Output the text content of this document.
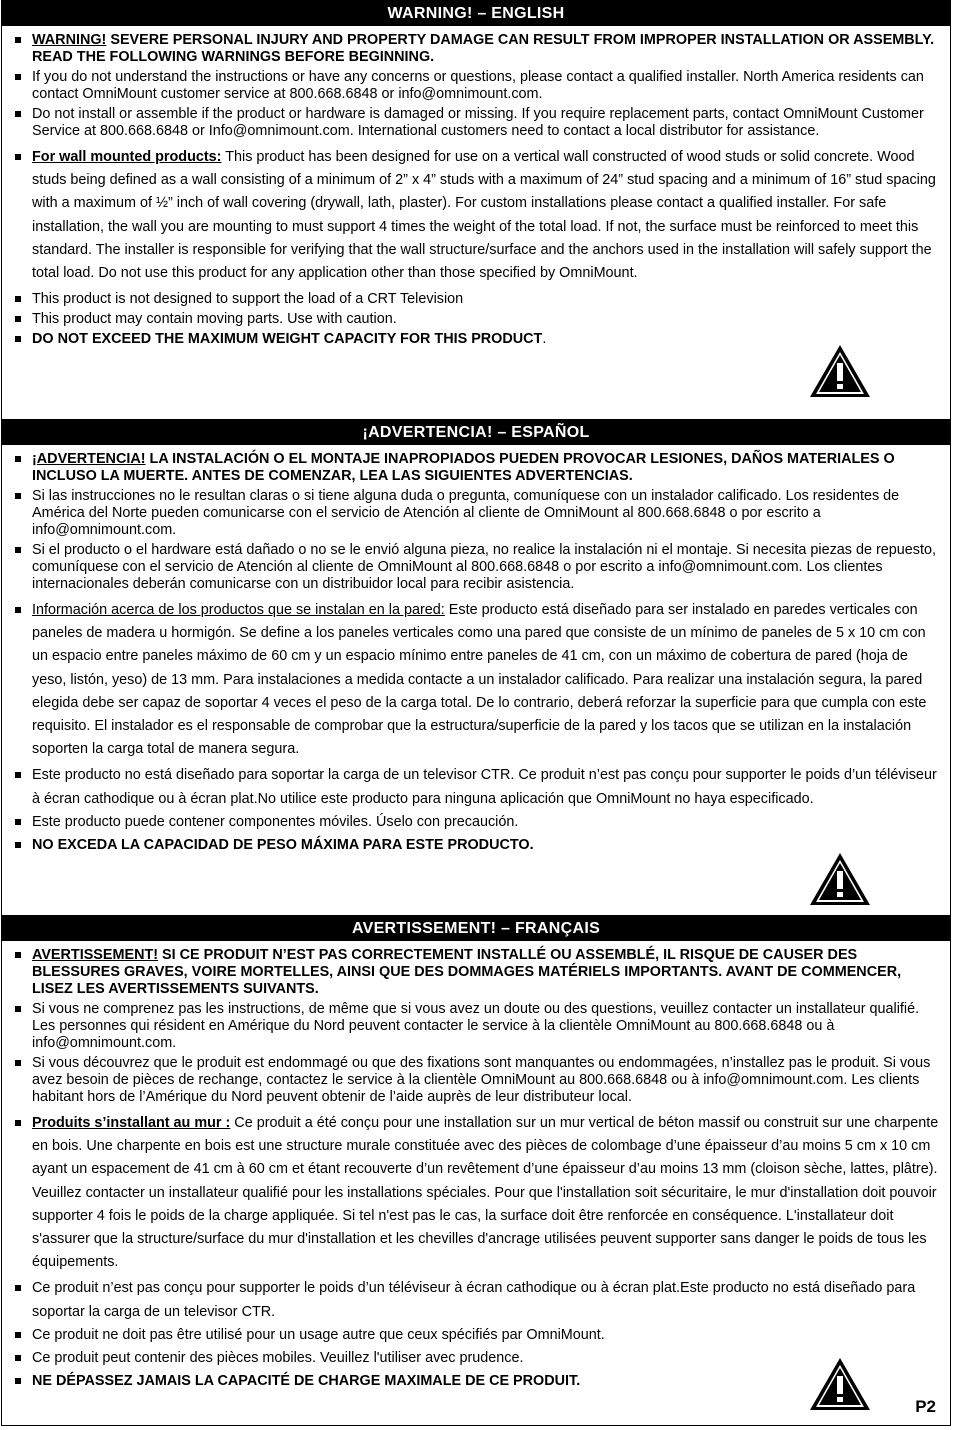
WARNING! – ENGLISH
WARNING! SEVERE PERSONAL INJURY AND PROPERTY DAMAGE CAN RESULT FROM IMPROPER INSTALLATION OR ASSEMBLY. READ THE FOLLOWING WARNINGS BEFORE BEGINNING.
If you do not understand the instructions or have any concerns or questions, please contact a qualified installer. North America residents can contact OmniMount customer service at 800.668.6848 or info@omnimount.com.
Do not install or assemble if the product or hardware is damaged or missing. If you require replacement parts, contact OmniMount Customer Service at 800.668.6848 or Info@omnimount.com. International customers need to contact a local distributor for assistance.
For wall mounted products: This product has been designed for use on a vertical wall constructed of wood studs or solid concrete. Wood studs being defined as a wall consisting of a minimum of 2” x 4” studs with a maximum of 24” stud spacing and a minimum of 16” stud spacing with a maximum of ½” inch of wall covering (drywall, lath, plaster). For custom installations please contact a qualified installer. For safe installation, the wall you are mounting to must support 4 times the weight of the total load. If not, the surface must be reinforced to meet this standard. The installer is responsible for verifying that the wall structure/surface and the anchors used in the installation will safely support the total load. Do not use this product for any application other than those specified by OmniMount.
This product is not designed to support the load of a CRT Television
This product may contain moving parts. Use with caution.
DO NOT EXCEED THE MAXIMUM WEIGHT CAPACITY FOR THIS PRODUCT.
¡ADVERTENCIA! – ESPAÑOL
¡ADVERTENCIA! LA INSTALACIÓN O EL MONTAJE INAPROPIADOS PUEDEN PROVOCAR LESIONES, DAÑOS MATERIALES O INCLUSO LA MUERTE. ANTES DE COMENZAR, LEA LAS SIGUIENTES ADVERTENCIAS.
Si las instrucciones no le resultan claras o si tiene alguna duda o pregunta, comuníquese con un instalador calificado. Los residentes de América del Norte pueden comunicarse con el servicio de Atención al cliente de OmniMount al 800.668.6848 o por escrito a info@omnimount.com.
Si el producto o el hardware está dañado o no se le envió alguna pieza, no realice la instalación ni el montaje. Si necesita piezas de repuesto, comuníquese con el servicio de Atención al cliente de OmniMount al 800.668.6848 o por escrito a info@omnimount.com. Los clientes internacionales deberán comunicarse con un distribuidor local para recibir asistencia.
Información acerca de los productos que se instalan en la pared: Este producto está diseñado para ser instalado en paredes verticales con paneles de madera u hormigón. Se define a los paneles verticales como una pared que consiste de un mínimo de paneles de 5 x 10 cm con un espacio entre paneles máximo de 60 cm y un espacio mínimo entre paneles de 41 cm, con un máximo de cobertura de pared (hoja de yeso, listón, yeso) de 13 mm. Para instalaciones a medida contacte a un instalador calificado. Para realizar una instalación segura, la pared elegida debe ser capaz de soportar 4 veces el peso de la carga total. De lo contrario, deberá reforzar la superficie para que cumpla con este requisito. El instalador es el responsable de comprobar que la estructura/superficie de la pared y los tacos que se utilizan en la instalación soporten la carga total de manera segura.
Este producto no está diseñado para soportar la carga de un televisor CTR. Ce produit n’est pas conçu pour supporter le poids d’un téléviseur à écran cathodique ou à écran plat.No utilice este producto para ninguna aplicación que OmniMount no haya especificado.
Este producto puede contener componentes móviles. Úselo con precaución.
NO EXCEDA LA CAPACIDAD DE PESO MÁXIMA PARA ESTE PRODUCTO.
AVERTISSEMENT! – FRANÇAIS
AVERTISSEMENT! SI CE PRODUIT N’EST PAS CORRECTEMENT INSTALLÉ OU ASSEMBLÉ, IL RISQUE DE CAUSER DES BLESSURES GRAVES, VOIRE MORTELLES, AINSI QUE DES DOMMAGES MATÉRIELS IMPORTANTS. AVANT DE COMMENCER, LISEZ LES AVERTISSEMENTS SUIVANTS.
Si vous ne comprenez pas les instructions, de même que si vous avez un doute ou des questions, veuillez contacter un installateur qualifié. Les personnes qui résident en Amérique du Nord peuvent contacter le service à la clientèle OmniMount au 800.668.6848 ou à info@omnimount.com.
Si vous découvrez que le produit est endommagé ou que des fixations sont manquantes ou endommagées, n’installez pas le produit. Si vous avez besoin de pièces de rechange, contactez le service à la clientèle OmniMount au 800.668.6848 ou à info@omnimount.com. Les clients habitant hors de l’Amérique du Nord peuvent obtenir de l’aide auprès de leur distributeur local.
Produits s’installant au mur : Ce produit a été conçu pour une installation sur un mur vertical de béton massif ou construit sur une charpente en bois. Une charpente en bois est une structure murale constituée avec des pièces de colombage d’une épaisseur d’au moins 5 cm x 10 cm ayant un espacement de 41 cm à 60 cm et étant recouverte d’un revêtement d’une épaisseur d’au moins 13 mm (cloison sèche, lattes, plâtre). Veuillez contacter un installateur qualifié pour les installations spéciales. Pour que l'installation soit sécuritaire, le mur d'installation doit pouvoir supporter 4 fois le poids de la charge appliquée. Si tel n'est pas le cas, la surface doit être renforcée en conséquence. L'installateur doit s'assurer que la structure/surface du mur d'installation et les chevilles d'ancrage utilisées peuvent supporter sans danger le poids de tous les équipements.
Ce produit n’est pas conçu pour supporter le poids d’un téléviseur à écran cathodique ou à écran plat.Este producto no está diseñado para soportar la carga de un televisor CTR.
Ce produit ne doit pas être utilisé pour un usage autre que ceux spécifiés par OmniMount.
Ce produit peut contenir des pièces mobiles. Veuillez l'utiliser avec prudence.
NE DÉPASSEZ JAMAIS LA CAPACITÉ DE CHARGE MAXIMALE DE CE PRODUIT.
P2
